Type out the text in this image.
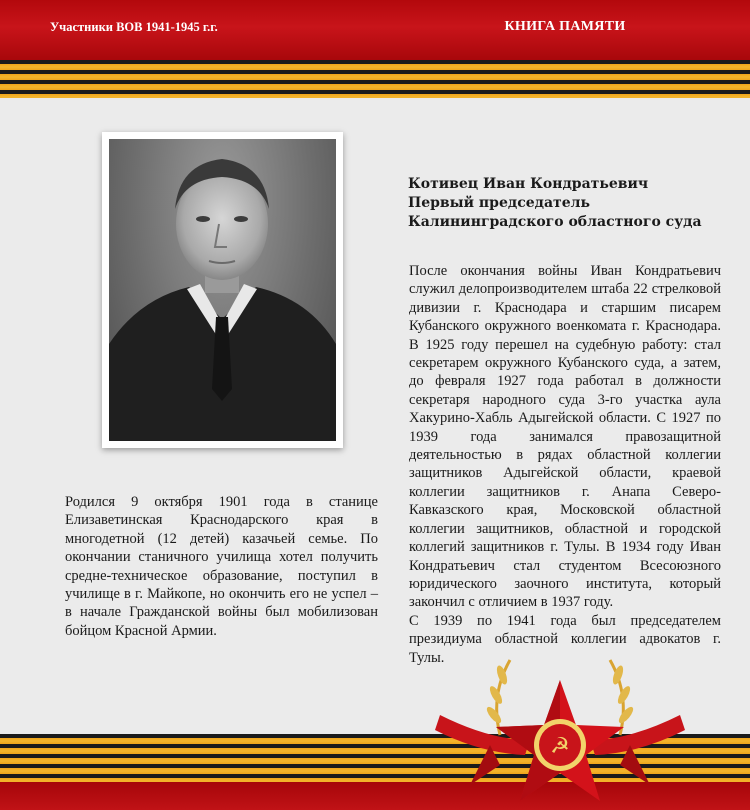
Участники ВОВ 1941-1945 г.г.	КНИГА ПАМЯТИ
Котивец Иван Кондратьевич
Первый председатель
Калининградского областного суда

После окончания войны Иван Кондратьевич служил делопроизводителем штаба 22 стрелковой дивизии г. Краснодара и старшим писарем Кубанского окружного военкомата г. Краснодара. В 1925 году перешел на судебную работу: стал секретарем окружного Кубанского суда, а затем, до февраля 1927 года работал в должности секретаря народного суда 3-го участка аула Хакурино-Хабль Адыгейской области. С 1927 по 1939 года занимался правозащитной деятельностью в рядах областной коллегии защитников Адыгейской области, краевой коллегии защитников г. Анапа Северо-Кавказского края, Московской областной коллегии защитников, областной и городской коллегий защитников г. Тулы. В 1934 году Иван Кондратьевич стал студентом Всесоюзного юридического заочного института, который закончил с отличием в 1937 году.

С 1939 по 1941 года был председателем президиума областной коллегии адвокатов г. Тулы.

Родился 9 октября 1901 года в станице Елизаветинская Краснодарского края в многодетной (12 детей) казачьей семье. По окончании станичного училища хотел получить средне-техническое образование, поступил в училище в г. Майкопе, но окончить его не успел – в начале Гражданской войны был мобилизован бойцом Красной Армии.

☭
